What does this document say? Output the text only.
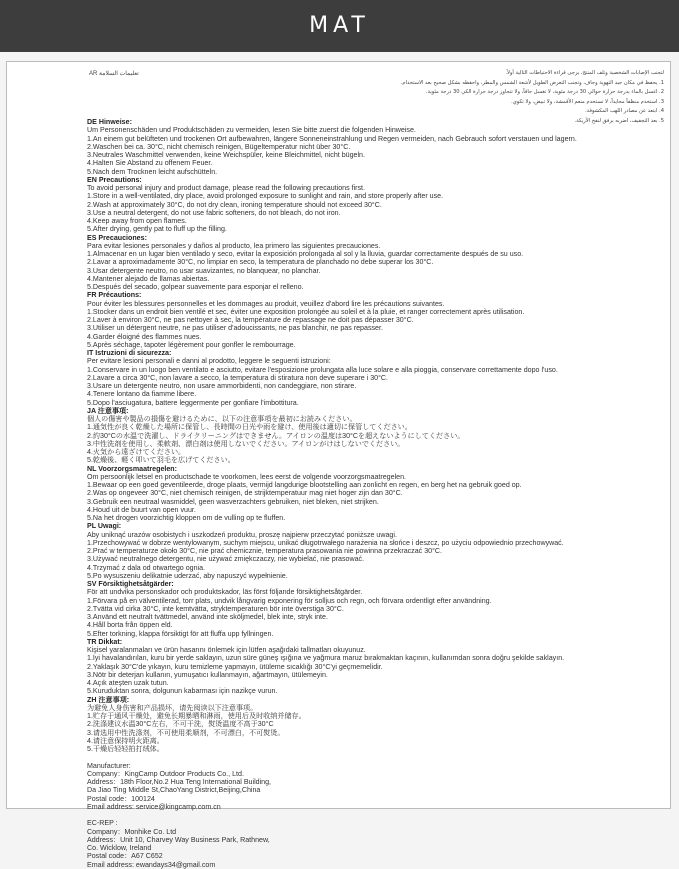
MAT
AR تعليمات السلامة	لتجنب الإصابات الشخصية وتلف المنتج، يرجى قراءة الاحتياطات التالية أولاً.
1. يحفظ في مكان جيد التهوية وجاف، وتجنب التعرض الطويل لأشعة الشمس والمطر، واحفظه بشكل صحيح بعد الاستخدام.
2. اغسل بالماء بدرجة حرارة حوالي 30 درجة مئوية، لا تغسل جافاً، ولا تتجاوز درجة حرارة الكي 30 درجة مئوية.
3. استخدم منظفاً محايداً، لا تستخدم منعم الأقمشة، ولا تبيض، ولا تكوي.
4. ابتعد عن مصادر اللهب المكشوفة.
5. بعد التجفيف، اضربه برفق لنفخ الأريكة.
DE Hinweise:
Um Personenschäden und Produktschäden zu vermeiden, lesen Sie bitte zuerst die folgenden Hinweise.
1.An einem gut belüfteten und trockenen Ort aufbewahren, längere Sonneneinstrahlung und Regen vermeiden, nach Gebrauch sofort verstauen und lagern.
2.Waschen bei ca. 30°C, nicht chemisch reinigen, Bügeltemperatur nicht über 30°C.
3.Neutrales Waschmittel verwenden, keine Weichspüler, keine Bleichmittel, nicht bügeln.
4.Halten Sie Abstand zu offenem Feuer.
5.Nach dem Trocknen leicht aufschütteln.
EN Precautions:
To avoid personal injury and product damage, please read the following precautions first.
1.Store in a well-ventilated, dry place, avoid prolonged exposure to sunlight and rain, and store properly after use.
2.Wash at approximately 30°C, do not dry clean, ironing temperature should not exceed 30°C.
3.Use a neutral detergent, do not use fabric softeners, do not bleach, do not iron.
4.Keep away from open flames.
5.After drying, gently pat to fluff up the filling.
ES Precauciones:
Para evitar lesiones personales y daños al producto, lea primero las siguientes precauciones.
1.Almacenar en un lugar bien ventilado y seco, evitar la exposición prolongada al sol y la lluvia, guardar correctamente después de su uso.
2.Lavar a aproximadamente 30°C, no limpiar en seco, la temperatura de planchado no debe superar los 30°C.
3.Usar detergente neutro, no usar suavizantes, no blanquear, no planchar.
4.Mantener alejado de llamas abiertas.
5.Después del secado, golpear suavemente para esponjar el relleno.
FR Précautions:
Pour éviter les blessures personnelles et les dommages au produit, veuillez d'abord lire les précautions suivantes.
1.Stocker dans un endroit bien ventilé et sec, éviter une exposition prolongée au soleil et à la pluie, et ranger correctement après utilisation.
2.Laver à environ 30°C, ne pas nettoyer à sec, la température de repassage ne doit pas dépasser 30°C.
3.Utiliser un détergent neutre, ne pas utiliser d'adoucissants, ne pas blanchir, ne pas repasser.
4.Garder éloigné des flammes nues.
5.Après séchage, tapoter légèrement pour gonfler le rembourrage.
IT Istruzioni di sicurezza:
Per evitare lesioni personali e danni al prodotto, leggere le seguenti istruzioni:
1.Conservare in un luogo ben ventilato e asciutto, evitare l'esposizione prolungata alla luce solare e alla pioggia, conservare correttamente dopo l'uso.
2.Lavare a circa 30°C, non lavare a secco, la temperatura di stiratura non deve superare i 30°C.
3.Usare un detergente neutro, non usare ammorbidenti, non candeggiare, non stirare.
4.Tenere lontano da fiamme libere.
5.Dopo l'asciugatura, battere leggermente per gonfiare l'imbottitura.
JA 注意事項:
個人の傷害や製品の損傷を避けるために、以下の注意事項を最初にお読みください。
1.通気性が良く乾燥した場所に保管し、長時間の日光や雨を避け、使用後は適切に保管してください。
2.約30°Cの水温で洗濯し、ドライクリーニングはできません。アイロンの温度は30°Cを超えないようにしてください。
3.中性洗剤を使用し、柔軟剤、漂白剤は使用しないでください。アイロンがけはしないでください。
4.火気から遠ざけてください。
5.乾燥後、軽く叩いて羽毛を広げてください。
NL Voorzorgsmaatregelen:
Om persoonlijk letsel en productschade te voorkomen, lees eerst de volgende voorzorgsmaatregelen.
1.Bewaar op een goed geventileerde, droge plaats, vermijd langdurige blootstelling aan zonlicht en regen, en berg het na gebruik goed op.
2.Was op ongeveer 30°C, niet chemisch reinigen, de strijktemperatuur mag niet hoger zijn dan 30°C.
3.Gebruik een neutraal wasmiddel, geen wasverzachters gebruiken, niet bleken, niet strijken.
4.Houd uit de buurt van open vuur.
5.Na het drogen voorzichtig kloppen om de vulling op te fluffen.
PL Uwagi:
Aby uniknąć urazów osobistych i uszkodzeń produktu, proszę najpierw przeczytać poniższe uwagi.
1.Przechowywać w dobrze wentylowanym, suchym miejscu, unikać długotrwałego narażenia na słońce i deszcz, po użyciu odpowiednio przechowywać.
2.Prać w temperaturze około 30°C, nie prać chemicznie, temperatura prasowania nie powinna przekraczać 30°C.
3.Używać neutralnego detergentu, nie używać zmiękczaczy, nie wybielać, nie prasować.
4.Trzymać z dala od otwartego ognia.
5.Po wysuszeniu delikatnie uderzać, aby napuszyć wypełnienie.
SV Försiktighetsåtgärder:
För att undvika personskador och produktskador, läs först följande försiktighetsåtgärder.
1.Förvara på en välventilerad, torr plats, undvik långvarig exponering för solljus och regn, och förvara ordentligt efter användning.
2.Tvätta vid cirka 30°C, inte kemtvätta, stryktemperaturen bör inte överstiga 30°C.
3.Använd ett neutralt tvättmedel, använd inte sköljmedel, blek inte, stryk inte.
4.Håll borta från öppen eld.
5.Efter torkning, klappa försiktigt för att fluffa upp fyllningen.
TR Dikkat:
Kişisel yaralanmaları ve ürün hasarını önlemek için lütfen aşağıdaki tallmatları okuyunuz.
1.İyi havalandırılan, kuru bir yerde saklayın, uzun süre güneş ışığına ve yağmura maruz bırakmaktan kaçının, kullanımdan sonra doğru şekilde saklayın.
2.Yaklaşık 30°C'de yıkayın, kuru temizleme yapmayın, ütüleme sıcaklığı 30°C'yi geçmemelidir.
3.Nötr bir deterjan kullanın, yumuşatıcı kullanmayın, ağartmayın, ütülemeyin.
4.Açık ateşten uzak tutun.
5.Kuruduktan sonra, dolgunun kabarması için nazikçe vurun.
ZH 注意事项:
为避免人身伤害和产品损坏，请先阅读以下注意事项。
1.贮存于通风干燥处，避免长期暴晒和淋雨，使用后及时收纳并储存。
2.洗涤建议水温30°C左右，不可干洗，熨烫温度不高于30°C
3.请选用中性洗涤剂，不可使用柔顺剂，不可漂白，不可熨烫。
4.请注意保持明火距离。
5.干燥后轻轻拍打绒体。
Manufacturer:
Company：KingCamp Outdoor Products Co., Ltd.
Address：18th Floor,No.2 Hua Teng International Building,
Da Jiao Ting Middle St,ChaoYang District,Beijing,China
Postal code：100124
Email address: service@kingcamp.com.cn
EC-REP :
Company：Monhike Co. Ltd
Address：Unit 10, Charvey Way Business Park, Rathnew,
Co. Wicklow, Ireland
Postal code：A67 C652
Email address: ewandays34@gmail.com
